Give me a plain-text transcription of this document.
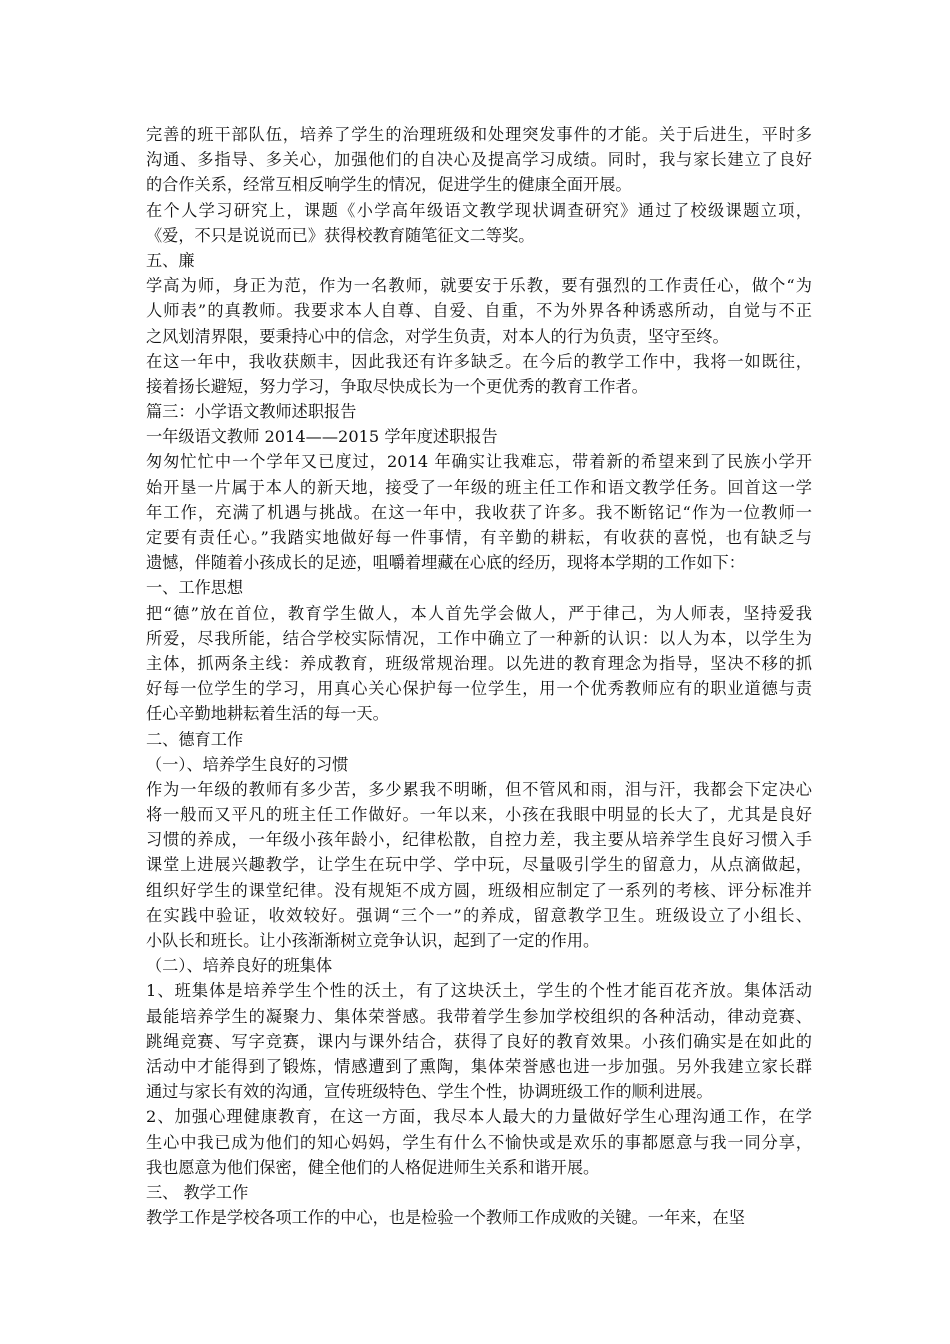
完善的班干部队伍，培养了学生的治理班级和处理突发事件的才能。关于后进生，平时多
沟通、多指导、多关心，加强他们的自决心及提高学习成绩。同时，我与家长建立了良好
的合作关系，经常互相反响学生的情况，促进学生的健康全面开展。
在个人学习研究上，课题《小学高年级语文教学现状调查研究》通过了校级课题立项，
《爱，不只是说说而已》获得校教育随笔征文二等奖。
五、廉
学高为师，身正为范，作为一名教师，就要安于乐教，要有强烈的工作责任心，做个“为
人师表”的真教师。我要求本人自尊、自爱、自重，不为外界各种诱惑所动，自觉与不正
之风划清界限，要秉持心中的信念，对学生负责，对本人的行为负责，坚守至终。
在这一年中，我收获颇丰，因此我还有许多缺乏。在今后的教学工作中，我将一如既往，
接着扬长避短，努力学习，争取尽快成长为一个更优秀的教育工作者。
篇三：小学语文教师述职报告
一年级语文教师 2014——2015 学年度述职报告
匆匆忙忙中一个学年又已度过，2014 年确实让我难忘，带着新的希望来到了民族小学开
始开垦一片属于本人的新天地，接受了一年级的班主任工作和语文教学任务。回首这一学
年工作，充满了机遇与挑战。在这一年中，我收获了许多。我不断铭记“作为一位教师一
定要有责任心。”我踏实地做好每一件事情，有辛勤的耕耘，有收获的喜悦，也有缺乏与
遗憾，伴随着小孩成长的足迹，咀嚼着埋藏在心底的经历，现将本学期的工作如下：
一、工作思想
把“德”放在首位，教育学生做人，本人首先学会做人，严于律己，为人师表，坚持爱我
所爱，尽我所能，结合学校实际情况，工作中确立了一种新的认识：以人为本，以学生为
主体，抓两条主线：养成教育，班级常规治理。以先进的教育理念为指导，坚决不移的抓
好每一位学生的学习，用真心关心保护每一位学生，用一个优秀教师应有的职业道德与责
任心辛勤地耕耘着生活的每一天。
二、德育工作
（一）、培养学生良好的习惯
作为一年级的教师有多少苦，多少累我不明晰，但不管风和雨，泪与汗，我都会下定决心
将一般而又平凡的班主任工作做好。一年以来，小孩在我眼中明显的长大了，尤其是良好
习惯的养成，一年级小孩年龄小，纪律松散，自控力差，我主要从培养学生良好习惯入手
课堂上进展兴趣教学，让学生在玩中学、学中玩，尽量吸引学生的留意力，从点滴做起，
组织好学生的课堂纪律。没有规矩不成方圆，班级相应制定了一系列的考核、评分标准并
在实践中验证，收效较好。强调“三个一”的养成，留意教学卫生。班级设立了小组长、
小队长和班长。让小孩渐渐树立竞争认识，起到了一定的作用。
（二）、培养良好的班集体
1、班集体是培养学生个性的沃土，有了这块沃土，学生的个性才能百花齐放。集体活动
最能培养学生的凝聚力、集体荣誉感。我带着学生参加学校组织的各种活动，律动竞赛、
跳绳竞赛、写字竞赛，课内与课外结合，获得了良好的教育效果。小孩们确实是在如此的
活动中才能得到了锻炼，情感遭到了熏陶，集体荣誉感也进一步加强。另外我建立家长群
通过与家长有效的沟通，宣传班级特色、学生个性，协调班级工作的顺利进展。
2、加强心理健康教育，在这一方面，我尽本人最大的力量做好学生心理沟通工作，在学
生心中我已成为他们的知心妈妈，学生有什么不愉快或是欢乐的事都愿意与我一同分享，
我也愿意为他们保密，健全他们的人格促进师生关系和谐开展。
三、 教学工作
教学工作是学校各项工作的中心，也是检验一个教师工作成败的关键。一年来，在坚
